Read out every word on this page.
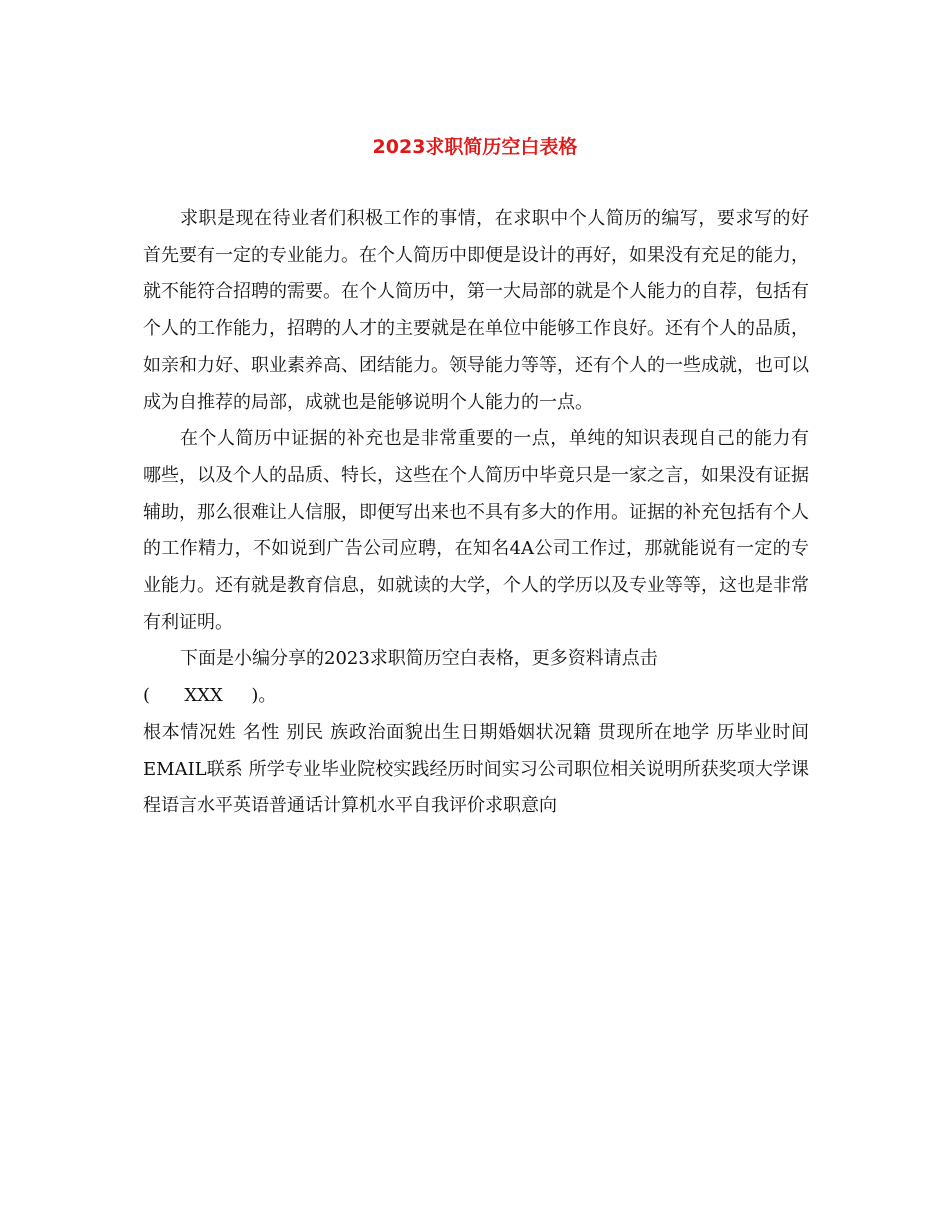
2023求职简历空白表格

求职是现在待业者们积极工作的事情，在求职中个人简历的编写，要求写的好首先要有一定的专业能力。在个人简历中即便是设计的再好，如果没有充足的能力，就不能符合招聘的需要。在个人简历中，第一大局部的就是个人能力的自荐，包括有个人的工作能力，招聘的人才的主要就是在单位中能够工作良好。还有个人的品质，如亲和力好、职业素养高、团结能力。领导能力等等，还有个人的一些成就，也可以成为自推荐的局部，成就也是能够说明个人能力的一点。

在个人简历中证据的补充也是非常重要的一点，单纯的知识表现自己的能力有哪些，以及个人的品质、特长，这些在个人简历中毕竟只是一家之言，如果没有证据辅助，那么很难让人信服，即便写出来也不具有多大的作用。证据的补充包括有个人的工作精力，不如说到广告公司应聘，在知名4A公司工作过，那就能说有一定的专业能力。还有就是教育信息，如就读的大学，个人的学历以及专业等等，这也是非常有利证明。

下面是小编分享的2023求职简历空白表格，更多资料请点击

(      XXX     )。

根本情况姓 名性 别民 族政治面貌出生日期婚姻状况籍 贯现所在地学 历毕业时间 EMAIL联系 所学专业毕业院校实践经历时间实习公司职位相关说明所获奖项大学课程语言水平英语普通话计算机水平自我评价求职意向
